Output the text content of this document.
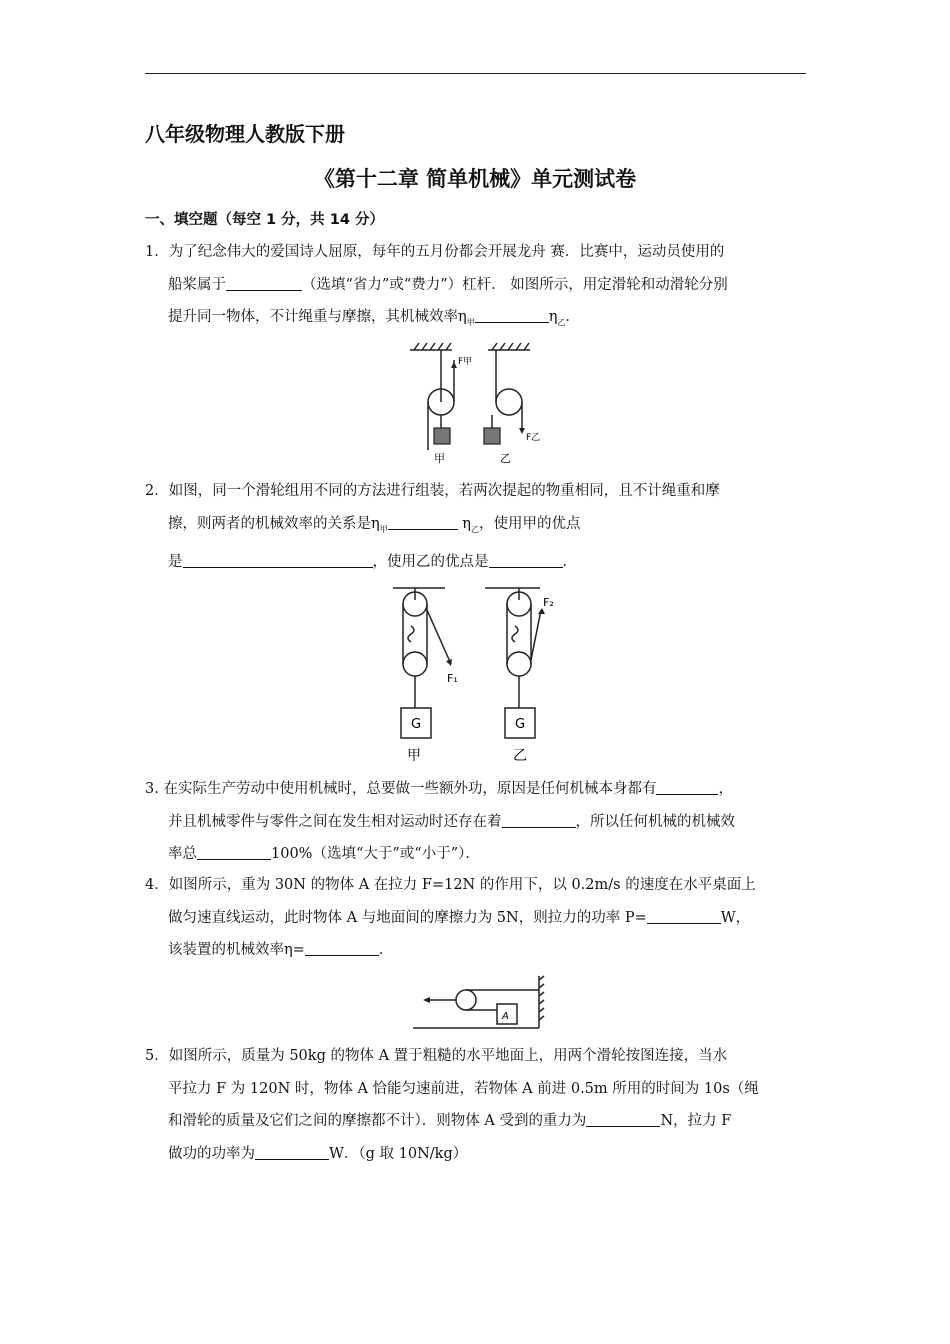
八年级物理人教版下册
《第十二章 简单机械》单元测试卷
一、填空题（每空 1 分，共 14 分）

1．为了纪念伟大的爱国诗人屈原，每年的五月份都会开展龙舟 赛．比赛中，运动员使用的

船桨属于	（选填“省力”或“费力”）杠杆． 如图所示，用定滑轮和动滑轮分别

提升同一物体，不计绳重与摩擦，其机械效率$\eta_甲$	$\eta_乙$．

F甲
F乙
甲	乙

2．如图，同一个滑轮组用不同的方法进行组装，若两次提起的物重相同，且不计绳重和摩

擦，则两者的机械效率的关系是$\eta_甲$	$\eta_乙$，使用甲的优点

是	，使用乙的优点是	．

G	G
F₁
F₂
甲	乙

3. 在实际生产劳动中使用机械时，总要做一些额外功，原因是任何机械本身都有	，

并且机械零件与零件之间在发生相对运动时还存在着	，所以任何机械的机械效

率总	100%（选填“大于”或“小于”）．

4．如图所示，重为 30N 的物体 A 在拉力 F=12N 的作用下，以 0.2m/s 的速度在水平桌面上

做匀速直线运动，此时物体 A 与地面间的摩擦力为 5N，则拉力的功率 P=	W，

该装置的机械效率η=	．

A

5．如图所示，质量为 50kg 的物体 A 置于粗糙的水平地面上，用两个滑轮按图连接，当水

平拉力 F 为 120N 时，物体 A 恰能匀速前进，若物体 A 前进 0.5m 所用的时间为 10s（绳

和滑轮的质量及它们之间的摩擦都不计）．则物体 A 受到的重力为	N，拉力 F

做功的功率为	W．（g 取 10N/kg）
